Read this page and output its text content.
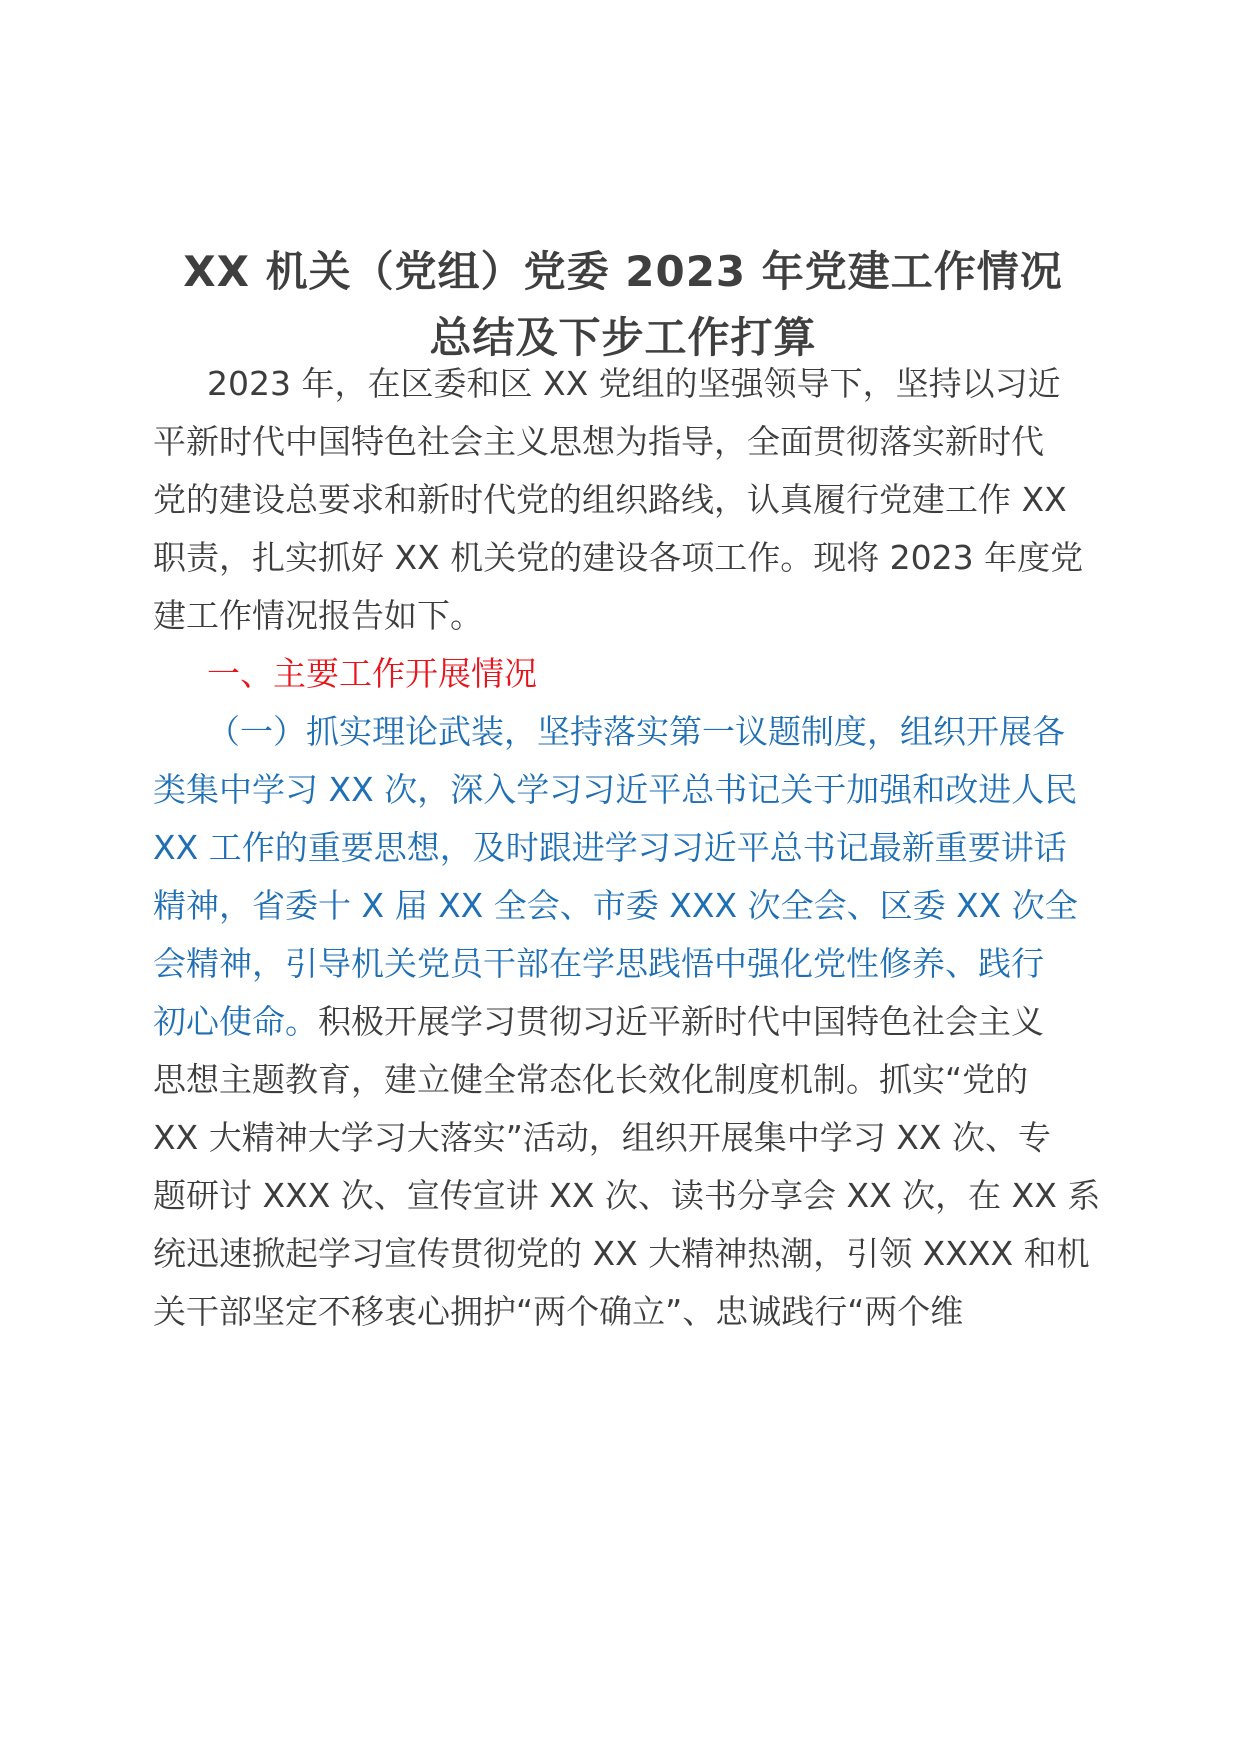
XX 机关（党组）党委 2023 年党建工作情况
总结及下步工作打算
2023 年，在区委和区 XX 党组的坚强领导下，坚持以习近
平新时代中国特色社会主义思想为指导，全面贯彻落实新时代
党的建设总要求和新时代党的组织路线，认真履行党建工作 XX
职责，扎实抓好 XX 机关党的建设各项工作。现将 2023 年度党
建工作情况报告如下。
一、主要工作开展情况
（一）抓实理论武装，坚持落实第一议题制度，组织开展各
类集中学习 XX 次，深入学习习近平总书记关于加强和改进人民
XX 工作的重要思想，及时跟进学习习近平总书记最新重要讲话
精神，省委十 X 届 XX 全会、市委 XXX 次全会、区委 XX 次全
会精神，引导机关党员干部在学思践悟中强化党性修养、践行
初心使命。积极开展学习贯彻习近平新时代中国特色社会主义
思想主题教育，建立健全常态化长效化制度机制。抓实“党的
XX 大精神大学习大落实”活动，组织开展集中学习 XX 次、专
题研讨 XXX 次、宣传宣讲 XX 次、读书分享会 XX 次，在 XX 系
统迅速掀起学习宣传贯彻党的 XX 大精神热潮，引领 XXXX 和机
关干部坚定不移衷心拥护“两个确立”、忠诚践行“两个维
